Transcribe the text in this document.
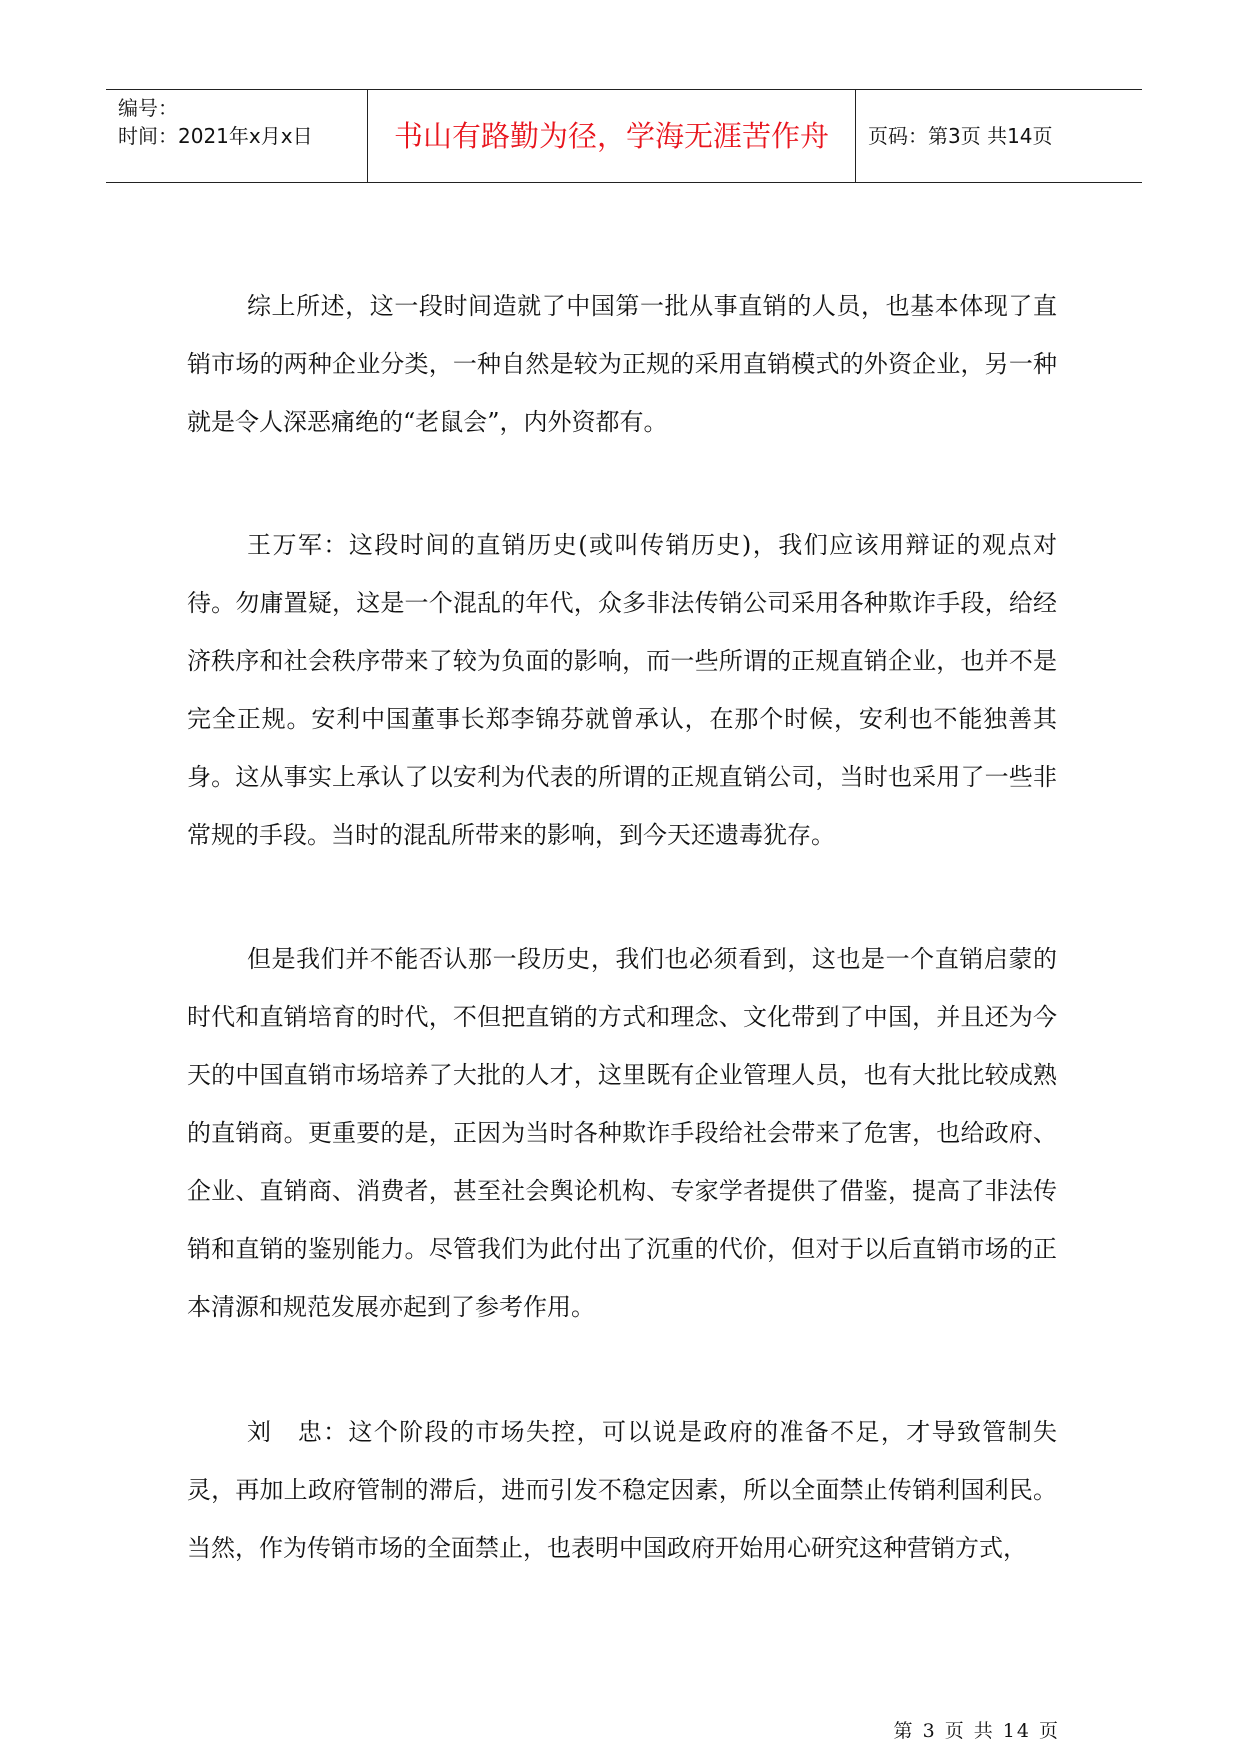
编号：
时间：2021年x月x日	书山有路勤为径，学海无涯苦作舟	页码：第3页 共14页

综上所述，这一段时间造就了中国第一批从事直销的人员，也基本体现了直销市场的两种企业分类，一种自然是较为正规的采用直销模式的外资企业，另一种就是令人深恶痛绝的“老鼠会”，内外资都有。

王万军：这段时间的直销历史(或叫传销历史)，我们应该用辩证的观点对待。勿庸置疑，这是一个混乱的年代，众多非法传销公司采用各种欺诈手段，给经济秩序和社会秩序带来了较为负面的影响，而一些所谓的正规直销企业，也并不是完全正规。安利中国董事长郑李锦芬就曾承认，在那个时候，安利也不能独善其身。这从事实上承认了以安利为代表的所谓的正规直销公司，当时也采用了一些非常规的手段。当时的混乱所带来的影响，到今天还遗毒犹存。

但是我们并不能否认那一段历史，我们也必须看到，这也是一个直销启蒙的时代和直销培育的时代，不但把直销的方式和理念、文化带到了中国，并且还为今天的中国直销市场培养了大批的人才，这里既有企业管理人员，也有大批比较成熟的直销商。更重要的是，正因为当时各种欺诈手段给社会带来了危害，也给政府、企业、直销商、消费者，甚至社会舆论机构、专家学者提供了借鉴，提高了非法传销和直销的鉴别能力。尽管我们为此付出了沉重的代价，但对于以后直销市场的正本清源和规范发展亦起到了参考作用。

刘　忠：这个阶段的市场失控，可以说是政府的准备不足，才导致管制失灵，再加上政府管制的滞后，进而引发不稳定因素，所以全面禁止传销利国利民。当然，作为传销市场的全面禁止，也表明中国政府开始用心研究这种营销方式，

第 3 页 共 14 页
